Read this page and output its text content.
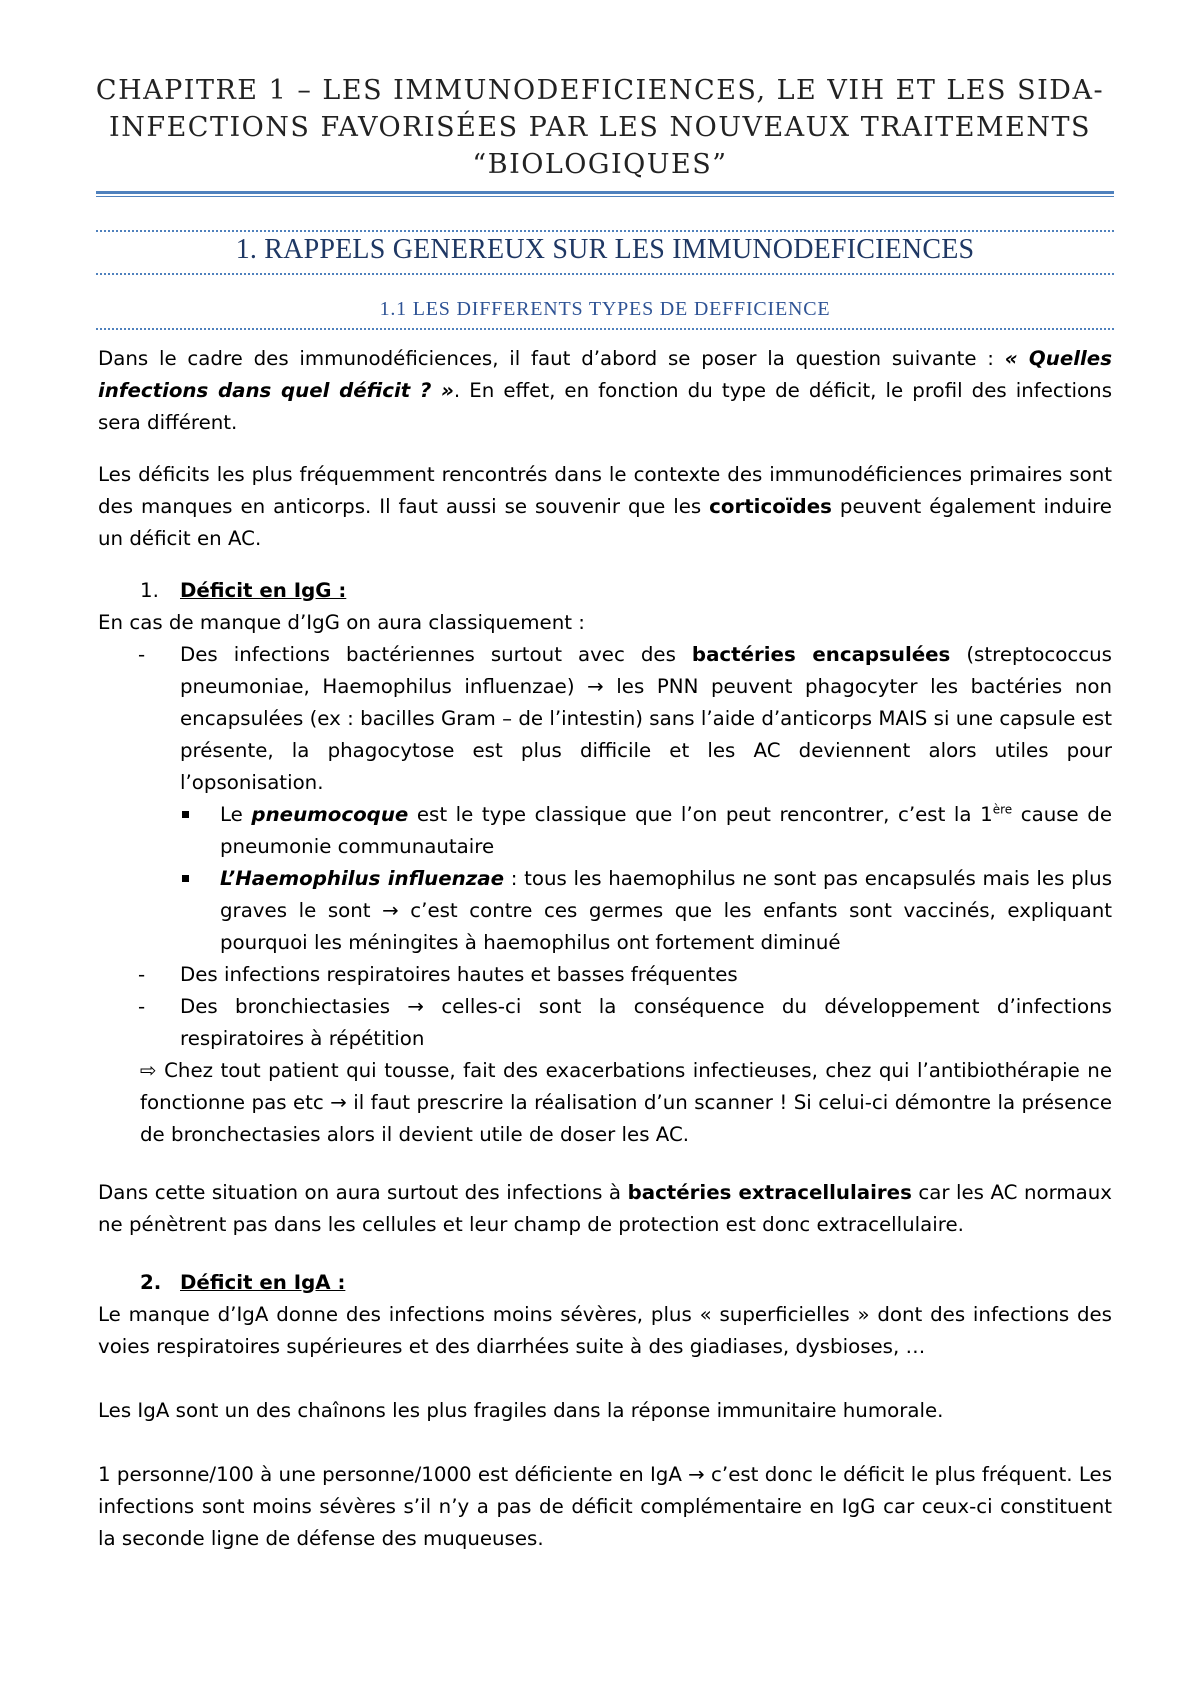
CHAPITRE 1 – LES IMMUNODEFICIENCES, LE VIH ET LES SIDA-
INFECTIONS FAVORISÉES PAR LES NOUVEAUX TRAITEMENTS
“BIOLOGIQUES”
1. RAPPELS GENEREUX SUR LES IMMUNODEFICIENCES
1.1 LES DIFFERENTS TYPES DE DEFFICIENCE

Dans le cadre des immunodéficiences, il faut d’abord se poser la question suivante : « Quelles infections dans quel déficit ? ». En effet, en fonction du type de déficit, le profil des infections sera différent.

Les déficits les plus fréquemment rencontrés dans le contexte des immunodéficiences primaires sont des manques en anticorps. Il faut aussi se souvenir que les corticoïdes peuvent également induire un déficit en AC.

1. Déficit en IgG :

En cas de manque d’IgG on aura classiquement :

- Des infections bactériennes surtout avec des bactéries encapsulées (streptococcus pneumoniae, Haemophilus influenzae) → les PNN peuvent phagocyter les bactéries non encapsulées (ex : bacilles Gram – de l’intestin) sans l’aide d’anticorps MAIS si une capsule est présente, la phagocytose est plus difficile et les AC deviennent alors utiles pour l’opsonisation.
Le pneumocoque est le type classique que l’on peut rencontrer, c’est la 1ère cause de pneumonie communautaire
L’Haemophilus influenzae : tous les haemophilus ne sont pas encapsulés mais les plus graves le sont → c’est contre ces germes que les enfants sont vaccinés, expliquant pourquoi les méningites à haemophilus ont fortement diminué
- Des infections respiratoires hautes et basses fréquentes
- Des bronchiectasies → celles-ci sont la conséquence du développement d’infections respiratoires à répétition

⇨ Chez tout patient qui tousse, fait des exacerbations infectieuses, chez qui l’antibiothérapie ne fonctionne pas etc → il faut prescrire la réalisation d’un scanner ! Si celui-ci démontre la présence de bronchectasies alors il devient utile de doser les AC.

Dans cette situation on aura surtout des infections à bactéries extracellulaires car les AC normaux ne pénètrent pas dans les cellules et leur champ de protection est donc extracellulaire.

2. Déficit en IgA :

Le manque d’IgA donne des infections moins sévères, plus « superficielles » dont des infections des voies respiratoires supérieures et des diarrhées suite à des giadiases, dysbioses, …

Les IgA sont un des chaînons les plus fragiles dans la réponse immunitaire humorale.

1 personne/100 à une personne/1000 est déficiente en IgA → c’est donc le déficit le plus fréquent. Les infections sont moins sévères s’il n’y a pas de déficit complémentaire en IgG car ceux-ci constituent la seconde ligne de défense des muqueuses.
